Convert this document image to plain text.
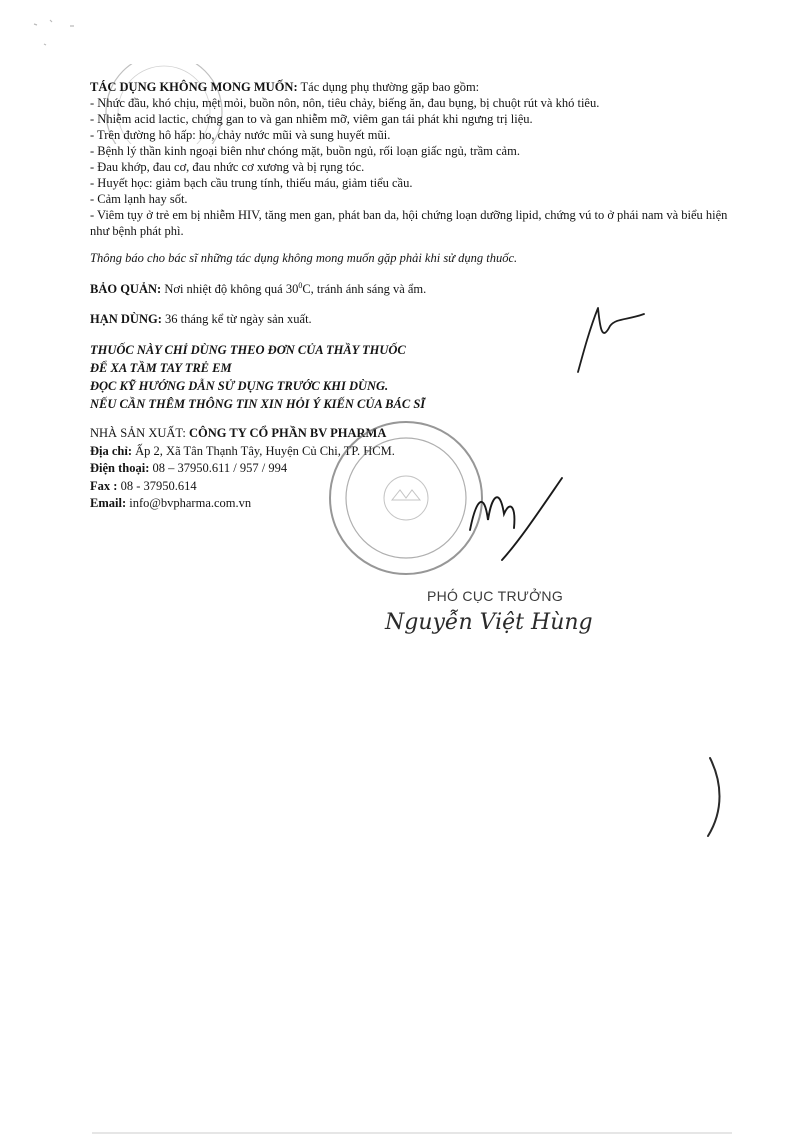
TÁC DỤNG KHÔNG MONG MUỐN: Tác dụng phụ thường gặp bao gồm:

- Nhức đầu, khó chịu, mệt mỏi, buồn nôn, nôn, tiêu chảy, biếng ăn, đau bụng, bị chuột rút và khó tiêu.

- Nhiễm acid lactic, chứng gan to và gan nhiễm mỡ, viêm gan tái phát khi ngưng trị liệu.

- Trên đường hô hấp: ho, chảy nước mũi và sung huyết mũi.

- Bệnh lý thần kinh ngoại biên như chóng mặt, buồn ngủ, rối loạn giấc ngủ, trầm cảm.

- Đau khớp, đau cơ, đau nhức cơ xương và bị rụng tóc.

- Huyết học: giảm bạch cầu trung tính, thiếu máu, giảm tiểu cầu.

- Cảm lạnh hay sốt.

- Viêm tụy ở trẻ em bị nhiễm HIV, tăng men gan, phát ban da, hội chứng loạn dưỡng lipid, chứng vú to ở phái nam và biểu hiện như bệnh phát phì.

Thông báo cho bác sĩ những tác dụng không mong muốn gặp phải khi sử dụng thuốc.

BẢO QUẢN: Nơi nhiệt độ không quá $30^0C$, tránh ánh sáng và ẩm.

HẠN DÙNG: 36 tháng kể từ ngày sản xuất.

THUỐC NÀY CHỈ DÙNG THEO ĐƠN CỦA THẦY THUỐC

ĐỂ XA TẦM TAY TRẺ EM

ĐỌC KỸ HƯỚNG DẪN SỬ DỤNG TRƯỚC KHI DÙNG.

NẾU CẦN THÊM THÔNG TIN XIN HỎI Ý KIẾN CỦA BÁC SĨ

NHÀ SẢN XUẤT: CÔNG TY CỔ PHẦN BV PHARMA

Địa chỉ: Ấp 2, Xã Tân Thạnh Tây, Huyện Củ Chi, TP. HCM.

Điện thoại: 08 – 37950.611 / 957 / 994

Fax : 08 - 37950.614

Email: info@bvpharma.com.vn

PHÓ CỤC TRƯỞNG
Nguyễn Việt Hùng
